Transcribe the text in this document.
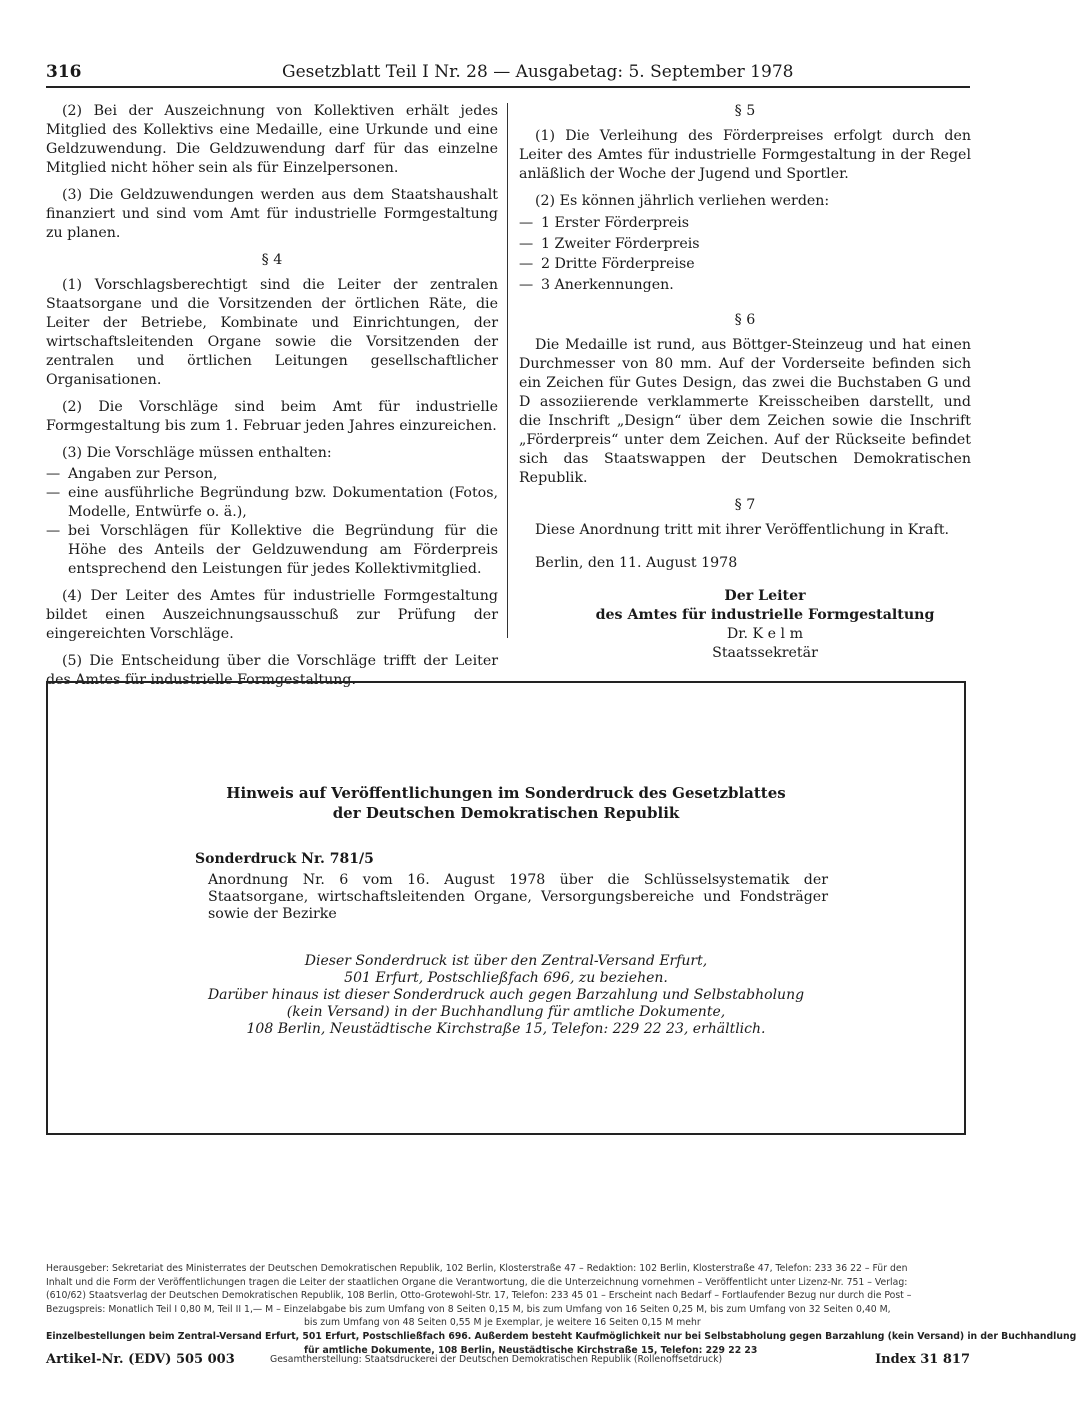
316	Gesetzblatt Teil I Nr. 28 — Ausgabetag: 5. September 1978

(2) Bei der Auszeichnung von Kollektiven erhält jedes Mitglied des Kollektivs eine Medaille, eine Urkunde und eine Geldzuwendung. Die Geldzuwendung darf für das einzelne Mitglied nicht höher sein als für Einzelpersonen.

(3) Die Geldzuwendungen werden aus dem Staatshaushalt finanziert und sind vom Amt für industrielle Formgestaltung zu planen.

§ 4

(1) Vorschlagsberechtigt sind die Leiter der zentralen Staatsorgane und die Vorsitzenden der örtlichen Räte, die Leiter der Betriebe, Kombinate und Einrichtungen, der wirtschaftsleitenden Organe sowie die Vorsitzenden der zentralen und örtlichen Leitungen gesellschaftlicher Organisationen.

(2) Die Vorschläge sind beim Amt für industrielle Formgestaltung bis zum 1. Februar jeden Jahres einzureichen.

(3) Die Vorschläge müssen enthalten:

— Angaben zur Person,
— eine ausführliche Begründung bzw. Dokumentation (Fotos, Modelle, Entwürfe o. ä.),
— bei Vorschlägen für Kollektive die Begründung für die Höhe des Anteils der Geldzuwendung am Förderpreis entsprechend den Leistungen für jedes Kollektivmitglied.

(4) Der Leiter des Amtes für industrielle Formgestaltung bildet einen Auszeichnungsausschuß zur Prüfung der eingereichten Vorschläge.

(5) Die Entscheidung über die Vorschläge trifft der Leiter des Amtes für industrielle Formgestaltung.

§ 5

(1) Die Verleihung des Förderpreises erfolgt durch den Leiter des Amtes für industrielle Formgestaltung in der Regel anläßlich der Woche der Jugend und Sportler.

(2) Es können jährlich verliehen werden:

— 1 Erster Förderpreis
— 1 Zweiter Förderpreis
— 2 Dritte Förderpreise
— 3 Anerkennungen.
§ 6

Die Medaille ist rund, aus Böttger-Steinzeug und hat einen Durchmesser von 80 mm. Auf der Vorderseite befinden sich ein Zeichen für Gutes Design, das zwei die Buchstaben G und D assoziierende verklammerte Kreisscheiben darstellt, und die Inschrift „Design“ über dem Zeichen sowie die Inschrift „Förderpreis“ unter dem Zeichen. Auf der Rückseite befindet sich das Staatswappen der Deutschen Demokratischen Republik.

§ 7

Diese Anordnung tritt mit ihrer Veröffentlichung in Kraft.

Berlin, den 11. August 1978

Der Leiter
des Amtes für industrielle Formgestaltung
Dr. K e l m
Staatssekretär
Hinweis auf Veröffentlichungen im Sonderdruck des Gesetzblattes
der Deutschen Demokratischen Republik
Sonderdruck Nr. 781/5
Anordnung Nr. 6 vom 16. August 1978 über die Schlüsselsystematik der Staatsorgane, wirtschaftsleitenden Organe, Versorgungsbereiche und Fondsträger sowie der Bezirke
Dieser Sonderdruck ist über den Zentral-Versand Erfurt,
501 Erfurt, Postschließfach 696, zu beziehen.
Darüber hinaus ist dieser Sonderdruck auch gegen Barzahlung und Selbstabholung
(kein Versand) in der Buchhandlung für amtliche Dokumente,
108 Berlin, Neustädtische Kirchstraße 15, Telefon: 229 22 23, erhältlich.
Herausgeber: Sekretariat des Ministerrates der Deutschen Demokratischen Republik, 102 Berlin, Klosterstraße 47 – Redaktion: 102 Berlin, Klosterstraße 47, Telefon: 233 36 22 – Für den
Inhalt und die Form der Veröffentlichungen tragen die Leiter der staatlichen Organe die Verantwortung, die die Unterzeichnung vornehmen – Veröffentlicht unter Lizenz-Nr. 751 – Verlag:
(610/62) Staatsverlag der Deutschen Demokratischen Republik, 108 Berlin, Otto-Grotewohl-Str. 17, Telefon: 233 45 01 – Erscheint nach Bedarf – Fortlaufender Bezug nur durch die Post –
Bezugspreis: Monatlich Teil I 0,80 M, Teil II 1,— M – Einzelabgabe bis zum Umfang von 8 Seiten 0,15 M, bis zum Umfang von 16 Seiten 0,25 M, bis zum Umfang von 32 Seiten 0,40 M,
bis zum Umfang von 48 Seiten 0,55 M je Exemplar, je weitere 16 Seiten 0,15 M mehr
Einzelbestellungen beim Zentral-Versand Erfurt, 501 Erfurt, Postschließfach 696. Außerdem besteht Kaufmöglichkeit nur bei Selbstabholung gegen Barzahlung (kein Versand) in der Buchhandlung
für amtliche Dokumente, 108 Berlin, Neustädtische Kirchstraße 15, Telefon: 229 22 23
Artikel-Nr. (EDV) 505 003	Gesamtherstellung: Staatsdruckerei der Deutschen Demokratischen Republik (Rollenoffsetdruck)	Index 31 817
